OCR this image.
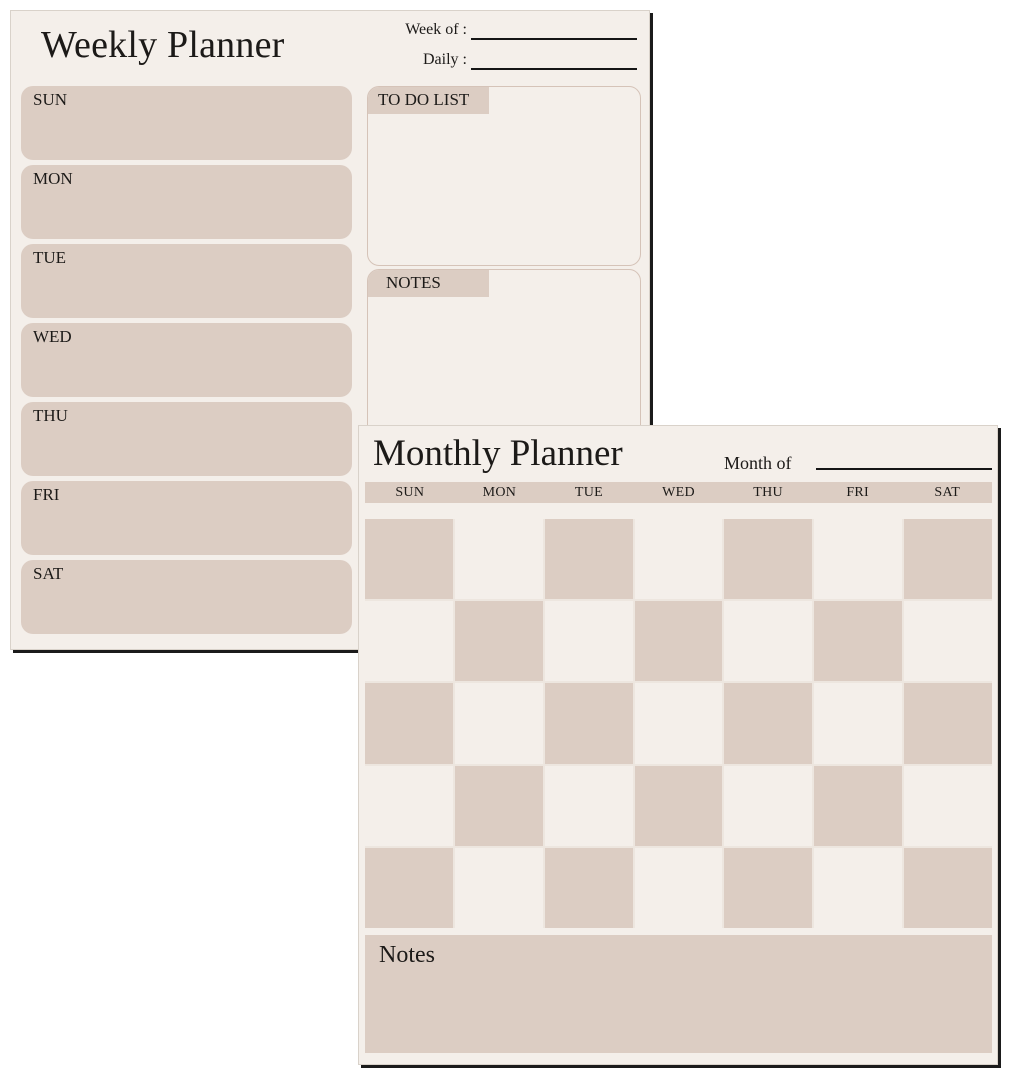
Weekly Planner	Week of :
Daily :
SUN
MON
TUE
WED
THU
FRI
SAT
TO DO LIST
NOTES
Monthly Planner	Month of
SUN	MON	TUE	WED	THU	FRI	SAT
Notes
